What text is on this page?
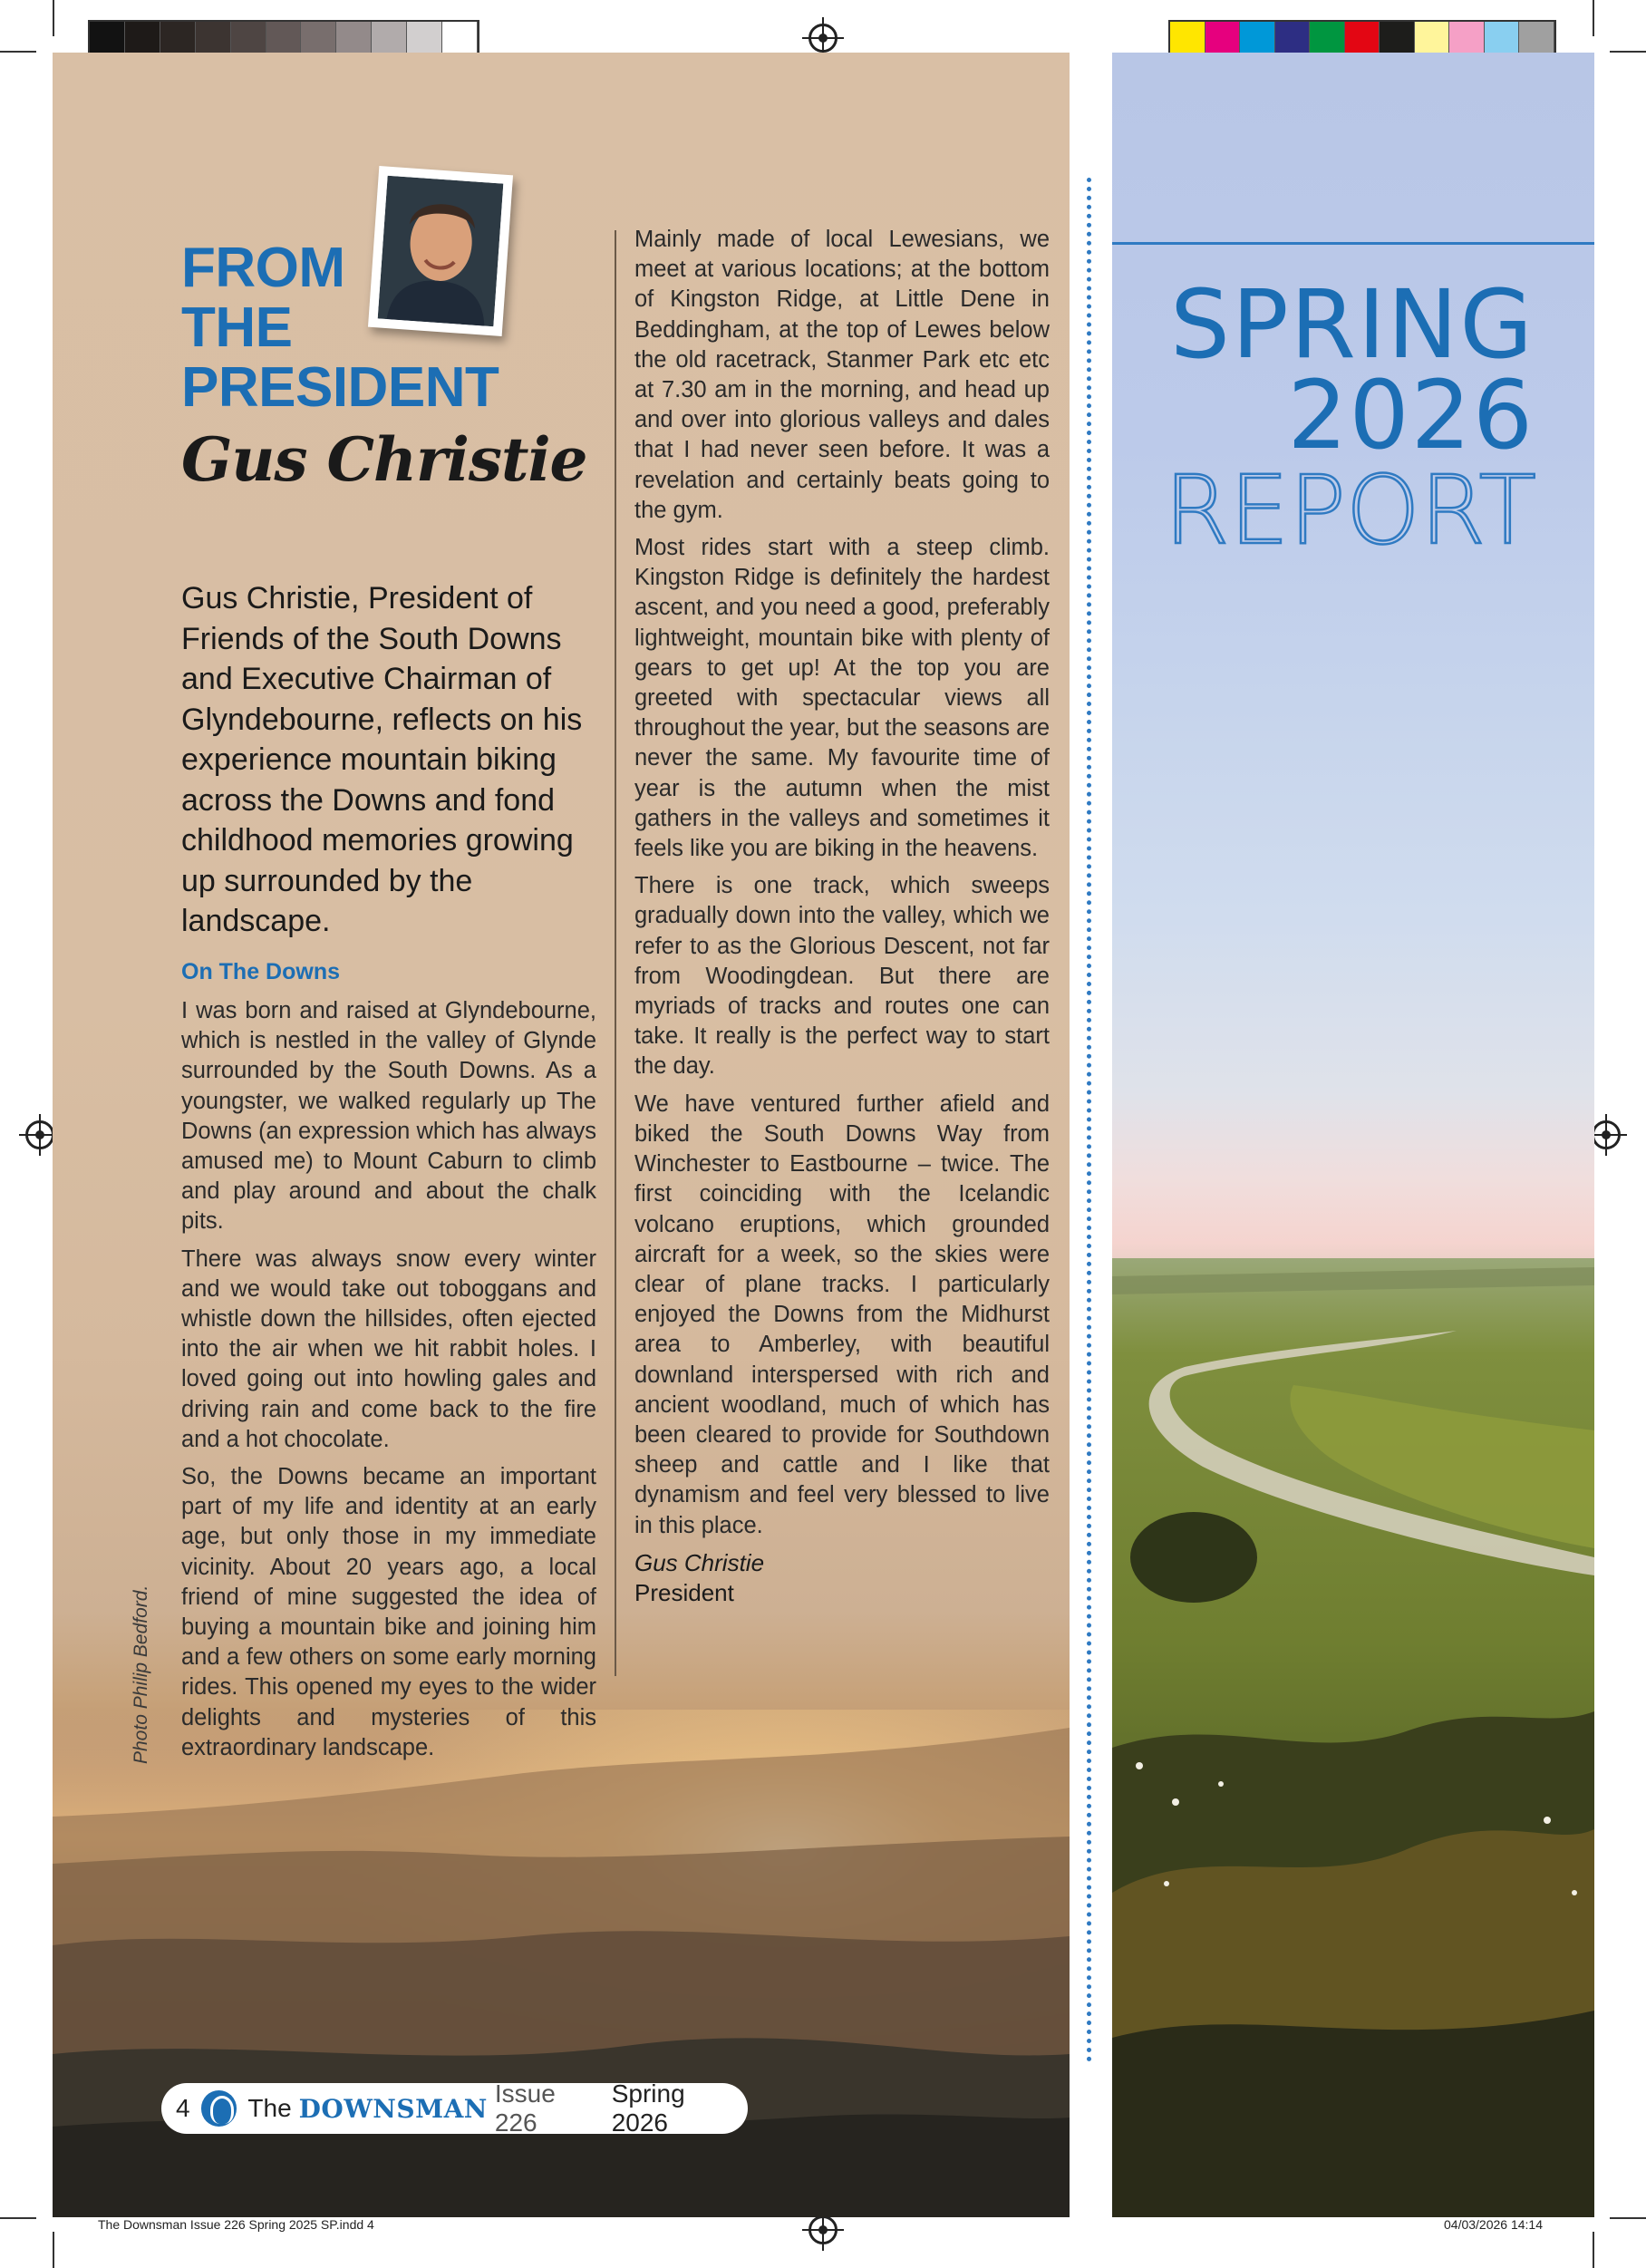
FROM
THE
PRESIDENT
Gus Christie
Gus Christie, President of Friends of the South Downs and Executive Chairman of Glyndebourne, reflects on his experience mountain biking across the Downs and fond childhood memories growing up surrounded by the landscape.
On The Downs

I was born and raised at Glyndebourne, which is nestled in the valley of Glynde surrounded by the South Downs. As a youngster, we walked regularly up The Downs (an expression which has always amused me) to Mount Caburn to climb and play around and about the chalk pits.

There was always snow every winter and we would take out toboggans and whistle down the hillsides, often ejected into the air when we hit rabbit holes. I loved going out into howling gales and driving rain and come back to the fire and a hot chocolate.

So, the Downs became an important part of my life and identity at an early age, but only those in my immediate vicinity. About 20 years ago, a local friend of mine suggested the idea of buying a mountain bike and joining him and a few others on some early morning rides. This opened my eyes to the wider delights and mysteries of this extraordinary landscape.

Mainly made of local Lewesians, we meet at various locations; at the bottom of Kingston Ridge, at Little Dene in Beddingham, at the top of Lewes below the old racetrack, Stanmer Park etc etc at 7.30 am in the morning, and head up and over into glorious valleys and dales that I had never seen before. It was a revelation and certainly beats going to the gym.

Most rides start with a steep climb. Kingston Ridge is definitely the hardest ascent, and you need a good, preferably lightweight, mountain bike with plenty of gears to get up! At the top you are greeted with spectacular views all throughout the year, but the seasons are never the same. My favourite time of year is the autumn when the mist gathers in the valleys and sometimes it feels like you are biking in the heavens.

There is one track, which sweeps gradually down into the valley, which we refer to as the Glorious Descent, not far from Woodingdean. But there are myriads of tracks and routes one can take. It really is the perfect way to start the day.

We have ventured further afield and biked the South Downs Way from Winchester to Eastbourne – twice. The first coinciding with the Icelandic volcano eruptions, which grounded aircraft for a week, so the skies were clear of plane tracks. I particularly enjoyed the Downs from the Midhurst area to Amberley, with beautiful downland interspersed with rich and ancient woodland, much of which has been cleared to provide for Southdown sheep and cattle and I like that dynamism and feel very blessed to live in this place.

Gus Christie
President
Photo Philip Bedford.
4 The DOWNSMAN Issue 226
Spring 2026
SPRING
2026
REPORT
The Downsman Issue 226 Spring 2025 SP.indd 4	04/03/2026 14:14
